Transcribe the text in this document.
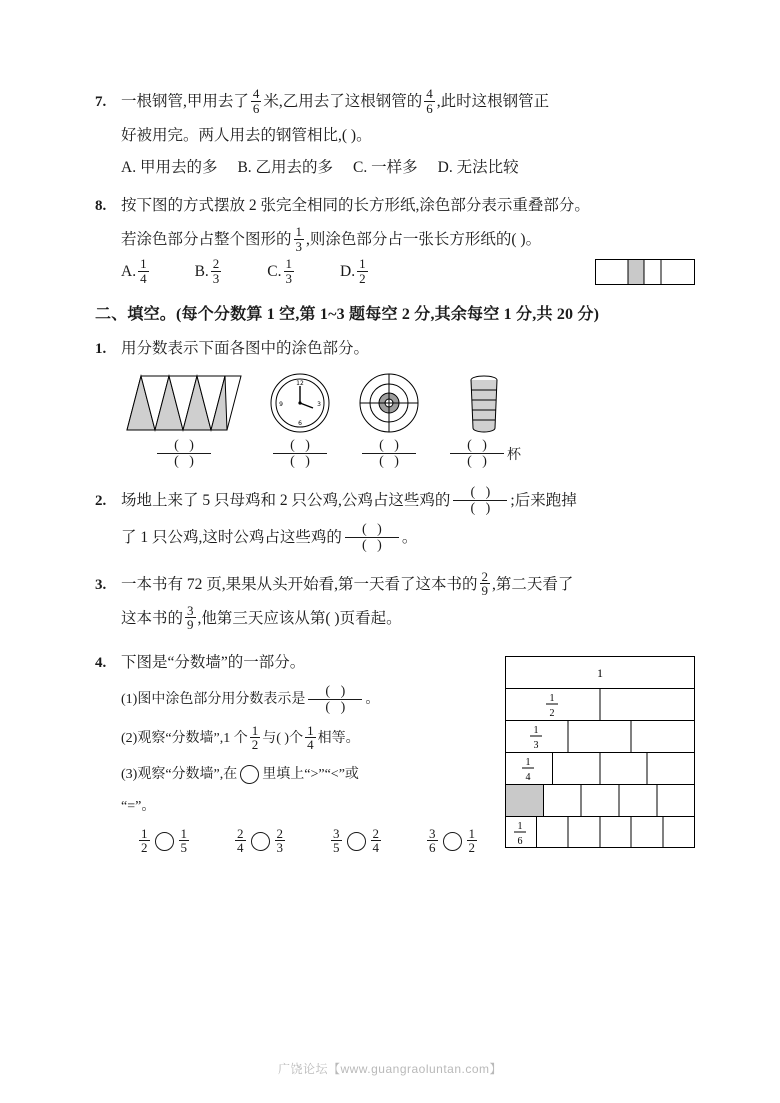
7. 一根钢管,甲用去了 $\frac{4}{6}$ 米,乙用去了这根钢管的 $\frac{4}{6}$ ,此时这根钢管正
好被用完。两人用去的钢管相比,( )。
A. 甲用去的多 B. 乙用去的多 C. 一样多 D. 无法比较
8. 按下图的方式摆放 2 张完全相同的长方形纸,涂色部分表示重叠部分。
若涂色部分占整个图形的 $\frac{1}{3}$ ,则涂色部分占一张长方形纸的( )。
A. $\frac{1}{4}$	B. $\frac{2}{3}$	C. $\frac{1}{3}$	D. $\frac{1}{2}$
二、填空。(每个分数算 1 空,第 1~3 题每空 2 分,其余每空 1 分,共 20 分)
1. 用分数表示下面各图中的涂色部分。
(   )
(   )
12
3
6
9
(   )
(   )
(   )
(   )
(   )
(   )	杯
2. 场地上来了 5 只母鸡和 2 只公鸡,公鸡占这些鸡的	(   )
(   )	;后来跑掉
了 1 只公鸡,这时公鸡占这些鸡的	(   )
(   )	。
3. 一本书有 72 页,果果从头开始看,第一天看了这本书的 $\frac{2}{9}$ ,第二天看了
这本书的 $\frac{3}{9}$ ,他第三天应该从第( )页看起。
4. 下图是“分数墙”的一部分。
(1)图中涂色部分用分数表示是
(   )
(   )
。
(2)观察“分数墙”,1 个 $\frac{1}{2}$ 与( )个 $\frac{1}{4}$ 相等。
(3)观察“分数墙”,在 里填上“>”“<”或
“=”。
$\frac{1}{2} \frac{1}{5}$	$\frac{2}{4} \frac{2}{3}$	$\frac{3}{5} \frac{2}{4}$	$\frac{3}{6} \frac{1}{2}$
1
1
2
1
3
1
4
1
6
广饶论坛【www.guangraoluntan.com】
